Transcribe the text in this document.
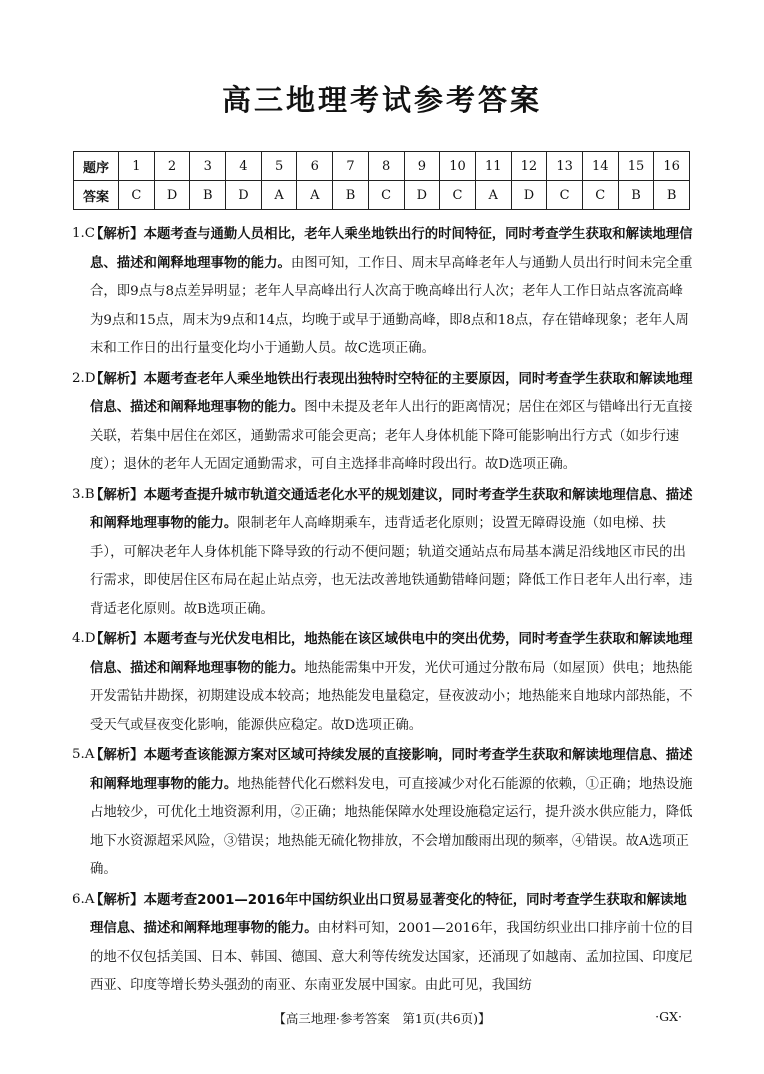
高三地理考试参考答案
题序	1	2	3	4	5	6	7	8	9	10	11	12	13	14	15	16
答案	C	D	B	D	A	A	B	C	D	C	A	D	C	C	B	B
1.C
【解析】本题考查与通勤人员相比，老年人乘坐地铁出行的时间特征，同时考查学生获取和解读地理信息、描述和阐释地理事物的能力。由图可知，工作日、周末早高峰老年人与通勤人员出行时间未完全重合，即9点与8点差异明显；老年人早高峰出行人次高于晚高峰出行人次；老年人工作日站点客流高峰为9点和15点，周末为9点和14点，均晚于或早于通勤高峰，即8点和18点，存在错峰现象；老年人周末和工作日的出行量变化均小于通勤人员。故C选项正确。
2.D
【解析】本题考查老年人乘坐地铁出行表现出独特时空特征的主要原因，同时考查学生获取和解读地理信息、描述和阐释地理事物的能力。图中未提及老年人出行的距离情况；居住在郊区与错峰出行无直接关联，若集中居住在郊区，通勤需求可能会更高；老年人身体机能下降可能影响出行方式（如步行速度）；退休的老年人无固定通勤需求，可自主选择非高峰时段出行。故D选项正确。
3.B
【解析】本题考查提升城市轨道交通适老化水平的规划建议，同时考查学生获取和解读地理信息、描述和阐释地理事物的能力。限制老年人高峰期乘车，违背适老化原则；设置无障碍设施（如电梯、扶手），可解决老年人身体机能下降导致的行动不便问题；轨道交通站点布局基本满足沿线地区市民的出行需求，即使居住区布局在起止站点旁，也无法改善地铁通勤错峰问题；降低工作日老年人出行率，违背适老化原则。故B选项正确。
4.D
【解析】本题考查与光伏发电相比，地热能在该区域供电中的突出优势，同时考查学生获取和解读地理信息、描述和阐释地理事物的能力。地热能需集中开发，光伏可通过分散布局（如屋顶）供电；地热能开发需钻井勘探，初期建设成本较高；地热能发电量稳定，昼夜波动小；地热能来自地球内部热能，不受天气或昼夜变化影响，能源供应稳定。故D选项正确。
5.A
【解析】本题考查该能源方案对区域可持续发展的直接影响，同时考查学生获取和解读地理信息、描述和阐释地理事物的能力。地热能替代化石燃料发电，可直接减少对化石能源的依赖，①正确；地热设施占地较少，可优化土地资源利用，②正确；地热能保障水处理设施稳定运行，提升淡水供应能力，降低地下水资源超采风险，③错误；地热能无硫化物排放，不会增加酸雨出现的频率，④错误。故A选项正确。
6.A
【解析】本题考查2001—2016年中国纺织业出口贸易显著变化的特征，同时考查学生获取和解读地理信息、描述和阐释地理事物的能力。由材料可知，2001—2016年，我国纺织业出口排序前十位的目的地不仅包括美国、日本、韩国、德国、意大利等传统发达国家，还涌现了如越南、孟加拉国、印度尼西亚、印度等增长势头强劲的南亚、东南亚发展中国家。由此可见，我国纺
【高三地理·参考答案　第1页(共6页)】	·GX·
